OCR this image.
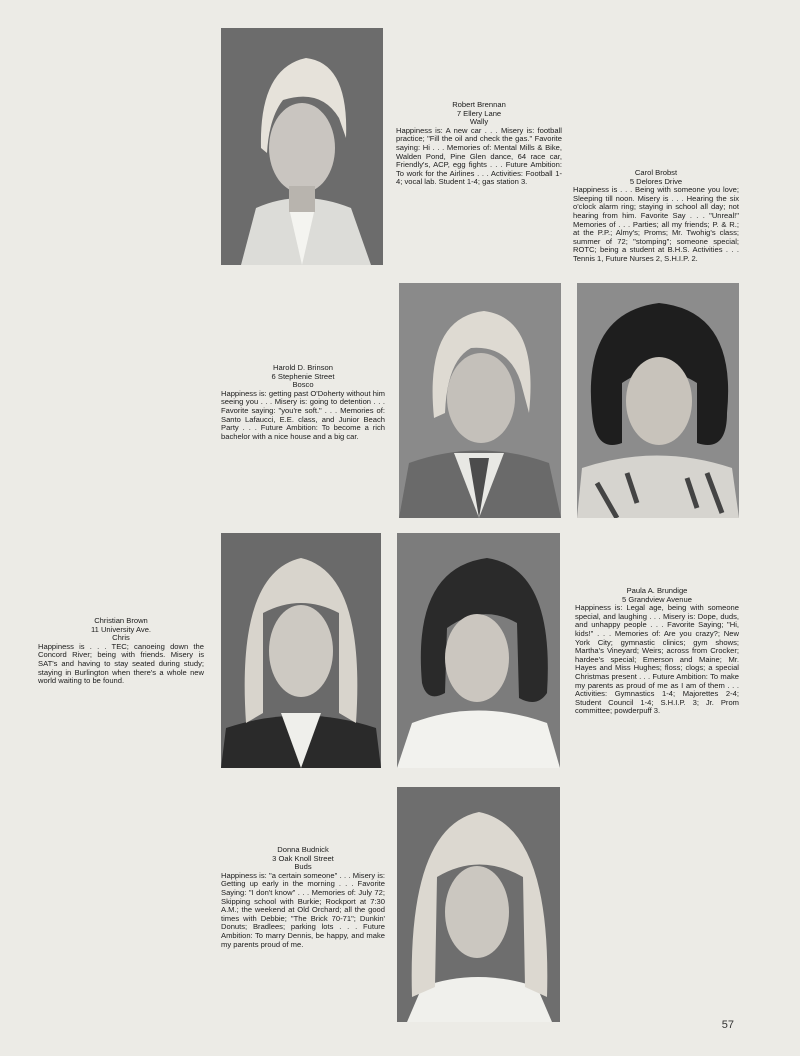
Robert Brennan
7 Ellery Lane
Wally
Happiness is: A new car . . . Misery is: football practice; "Fill the oil and check the gas." Favorite saying: Hi . . . Memories of: Mental Mills & Bike, Walden Pond, Pine Glen dance, 64 race car, Friendly's, ACP, egg fights . . . Future Ambition: To work for the Airlines . . . Activities: Football 1-4; vocal lab. Student 1-4; gas station 3.
Carol Brobst
5 Delores Drive
Happiness is . . . Being with someone you love; Sleeping till noon. Misery is . . . Hearing the six o'clock alarm ring; staying in school all day; not hearing from him. Favorite Say . . . "Unreal!" Memories of . . . Parties; all my friends; P. & R.; at the P.P.; Almy's; Proms; Mr. Twohig's class; summer of 72; "stomping"; someone special; ROTC; being a student at B.H.S. Activities . . . Tennis 1, Future Nurses 2, S.H.I.P. 2.
Harold D. Brinson
6 Stephenie Street
Bosco
Happiness is: getting past O'Doherty without him seeing you . . . Misery is: going to detention . . . Favorite saying: "you're soft." . . . Memories of: Santo Lafaucci, E.E. class, and Junior Beach Party . . . Future Ambition: To become a rich bachelor with a nice house and a big car.
Christian Brown
11 University Ave.
Chris
Happiness is . . . TEC; canoeing down the Concord River; being with friends. Misery is SAT's and having to stay seated during study; staying in Burlington when there's a whole new world waiting to be found.
Paula A. Brundige
5 Grandview Avenue
Happiness is: Legal age, being with someone special, and laughing . . . Misery is: Dope, duds, and unhappy people . . . Favorite Saying; "Hi, kids!" . . . Memories of: Are you crazy?; New York City; gymnastic clinics; gym shows; Martha's Vineyard; Weirs; across from Crocker; hardee's special; Emerson and Maine; Mr. Hayes and Miss Hughes; floss; clogs; a special Christmas present . . . Future Ambition: To make my parents as proud of me as I am of them . . . Activities: Gymnastics 1-4; Majorettes 2-4; Student Council 1-4; S.H.I.P. 3; Jr. Prom committee; powderpuff 3.
Donna Budnick
3 Oak Knoll Street
Buds
Happiness is: "a certain someone" . . . Misery is: Getting up early in the morning . . . Favorite Saying: "I don't know" . . . Memories of: July 72; Skipping school with Burkie; Rockport at 7:30 A.M.; the weekend at Old Orchard; all the good times with Debbie; "The Brick 70-71"; Dunkin' Donuts; Bradlees; parking lots . . . Future Ambition: To marry Dennis, be happy, and make my parents proud of me.
57
